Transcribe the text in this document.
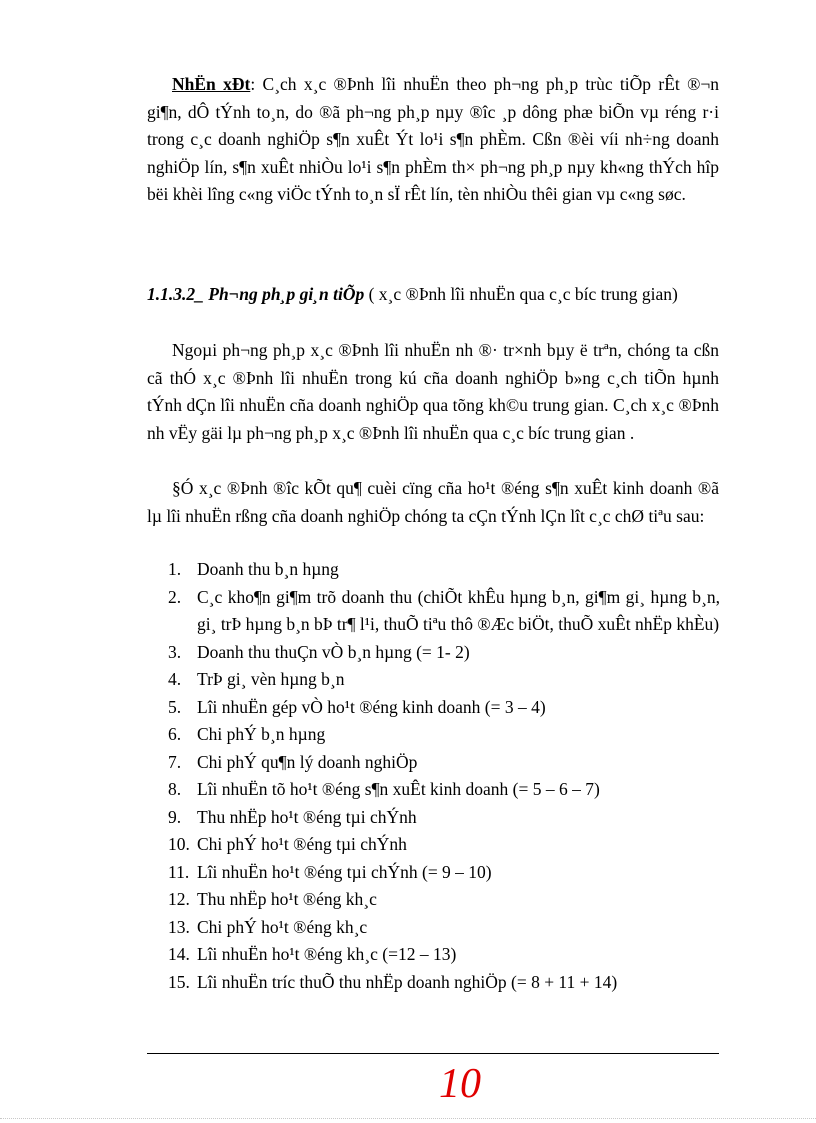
NhËn xÐt: C¸ch x¸c ®Þnh lîi nhuËn theo ph¬ng ph¸p trùc tiÕp rÊt ®¬n gi¶n, dÔ tÝnh to¸n, do ®ã ph¬ng ph¸p nµy ®îc ¸p dông phæ biÕn vµ réng r·i trong c¸c doanh nghiÖp s¶n xuÊt Ýt lo¹i s¶n phÈm. Cßn ®èi víi nh÷ng doanh nghiÖp lín, s¶n xuÊt nhiÒu lo¹i s¶n phÈm th× ph¬ng ph¸p nµy kh«ng thÝch hîp bëi khèi lîng c«ng viÖc tÝnh to¸n sÏ rÊt lín, tèn nhiÒu thêi gian vµ c«ng søc.
1.1.3.2_ Ph¬ng ph¸p gi¸n tiÕp ( x¸c ®Þnh lîi nhuËn qua c¸c bíc trung gian)
Ngoµi ph¬ng ph¸p x¸c ®Þnh lîi nhuËn nh ®· tr×nh bµy ë trªn, chóng ta cßn cã thÓ x¸c ®Þnh lîi nhuËn trong kú cña doanh nghiÖp b»ng c¸ch tiÕn hµnh tÝnh dÇn lîi nhuËn cña doanh nghiÖp qua tõng kh©u trung gian. C¸ch x¸c ®Þnh nh vËy gäi lµ ph¬ng ph¸p x¸c ®Þnh lîi nhuËn qua c¸c bíc trung gian .
§Ó x¸c ®Þnh ®îc kÕt qu¶ cuèi cïng cña ho¹t ®éng s¶n xuÊt kinh doanh ®ã lµ lîi nhuËn rßng cña doanh nghiÖp chóng ta cÇn tÝnh lÇn lît c¸c chØ tiªu sau:
1. Doanh thu b¸n hµng
2. C¸c kho¶n gi¶m trõ doanh thu (chiÕt khÊu hµng b¸n, gi¶m gi¸ hµng b¸n, gi¸ trÞ hµng b¸n bÞ tr¶ l¹i, thuÕ tiªu thô ®Æc biÖt, thuÕ xuÊt nhËp khÈu)
3. Doanh thu thuÇn vÒ b¸n hµng (= 1- 2)
4. TrÞ gi¸ vèn hµng b¸n
5. Lîi nhuËn gép vÒ ho¹t ®éng kinh doanh (= 3 – 4)
6. Chi phÝ b¸n hµng
7. Chi phÝ qu¶n lý doanh nghiÖp
8. Lîi nhuËn tõ ho¹t ®éng s¶n xuÊt kinh doanh (= 5 – 6 – 7)
9. Thu nhËp ho¹t ®éng tµi chÝnh
10. Chi phÝ ho¹t ®éng tµi chÝnh
11. Lîi nhuËn ho¹t ®éng tµi chÝnh (= 9 – 10)
12. Thu nhËp ho¹t ®éng kh¸c
13. Chi phÝ ho¹t ®éng kh¸c
14. Lîi nhuËn ho¹t ®éng kh¸c (=12 – 13)
15. Lîi nhuËn tríc thuÕ thu nhËp doanh nghiÖp (= 8 + 11 + 14)
10
